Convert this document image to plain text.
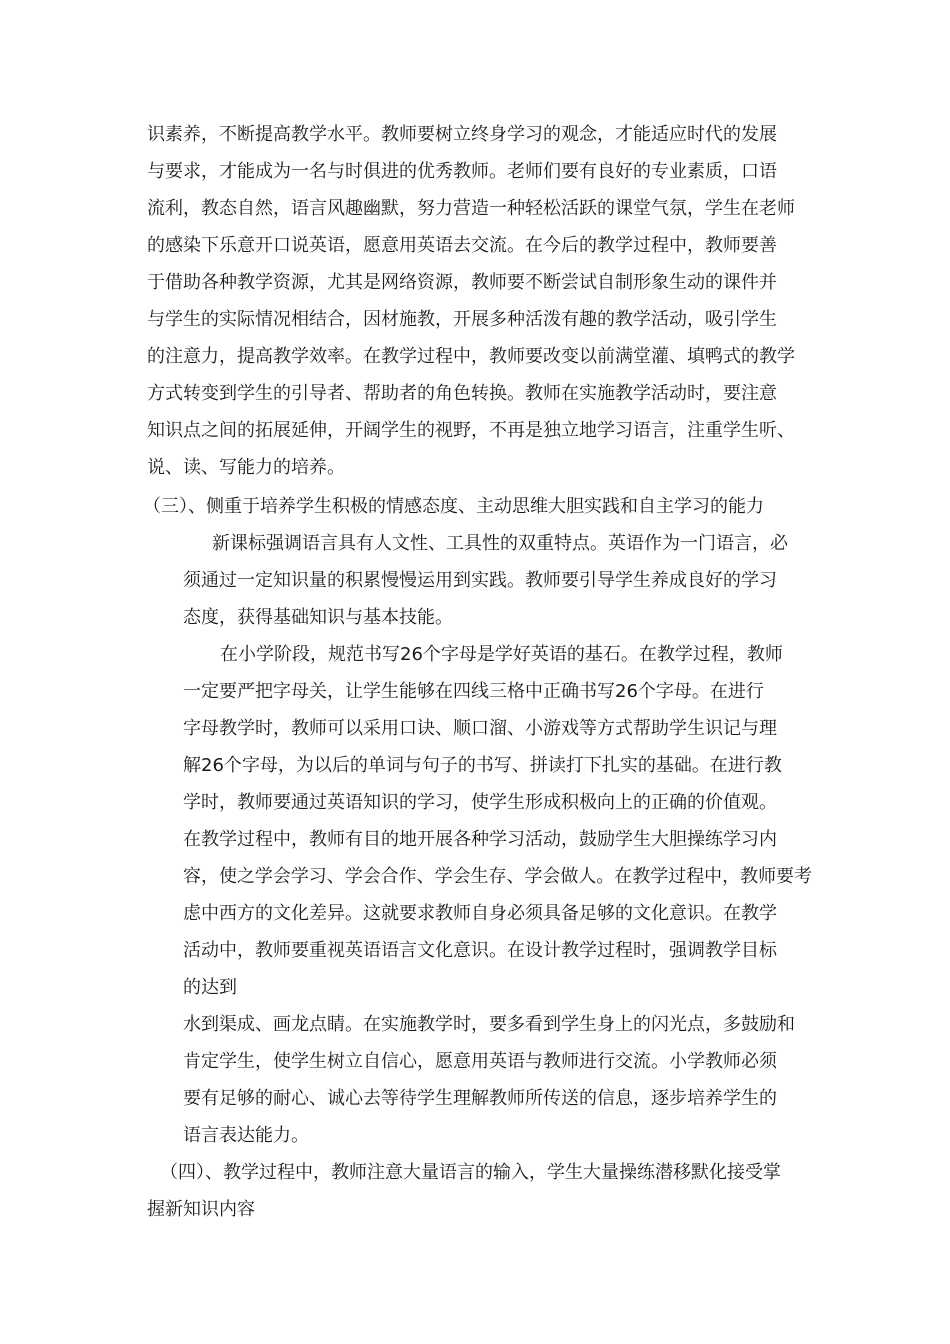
识素养，不断提高教学水平。教师要树立终身学习的观念，才能适应时代的发展
与要求，才能成为一名与时俱进的优秀教师。老师们要有良好的专业素质，口语
流利，教态自然，语言风趣幽默，努力营造一种轻松活跃的课堂气氛，学生在老师
的感染下乐意开口说英语，愿意用英语去交流。在今后的教学过程中，教师要善
于借助各种教学资源，尤其是网络资源，教师要不断尝试自制形象生动的课件并
与学生的实际情况相结合，因材施教，开展多种活泼有趣的教学活动，吸引学生
的注意力，提高教学效率。在教学过程中，教师要改变以前满堂灌、填鸭式的教学
方式转变到学生的引导者、帮助者的角色转换。教师在实施教学活动时，要注意
知识点之间的拓展延伸，开阔学生的视野，不再是独立地学习语言，注重学生听、
说、读、写能力的培养。
（三）、侧重于培养学生积极的情感态度、主动思维大胆实践和自主学习的能力
新课标强调语言具有人文性、工具性的双重特点。英语作为一门语言，必
须通过一定知识量的积累慢慢运用到实践。教师要引导学生养成良好的学习
态度，获得基础知识与基本技能。
在小学阶段，规范书写26个字母是学好英语的基石。在教学过程，教师
一定要严把字母关，让学生能够在四线三格中正确书写26个字母。在进行
字母教学时，教师可以采用口诀、顺口溜、小游戏等方式帮助学生识记与理
解26个字母，为以后的单词与句子的书写、拼读打下扎实的基础。在进行教
学时，教师要通过英语知识的学习，使学生形成积极向上的正确的价值观。
在教学过程中，教师有目的地开展各种学习活动，鼓励学生大胆操练学习内
容，使之学会学习、学会合作、学会生存、学会做人。在教学过程中，教师要考
虑中西方的文化差异。这就要求教师自身必须具备足够的文化意识。在教学
活动中，教师要重视英语语言文化意识。在设计教学过程时，强调教学目标
的达到
水到渠成、画龙点睛。在实施教学时，要多看到学生身上的闪光点，多鼓励和
肯定学生，使学生树立自信心，愿意用英语与教师进行交流。小学教师必须
要有足够的耐心、诚心去等待学生理解教师所传送的信息，逐步培养学生的
语言表达能力。
（四）、教学过程中，教师注意大量语言的输入，学生大量操练潜移默化接受掌
握新知识内容
